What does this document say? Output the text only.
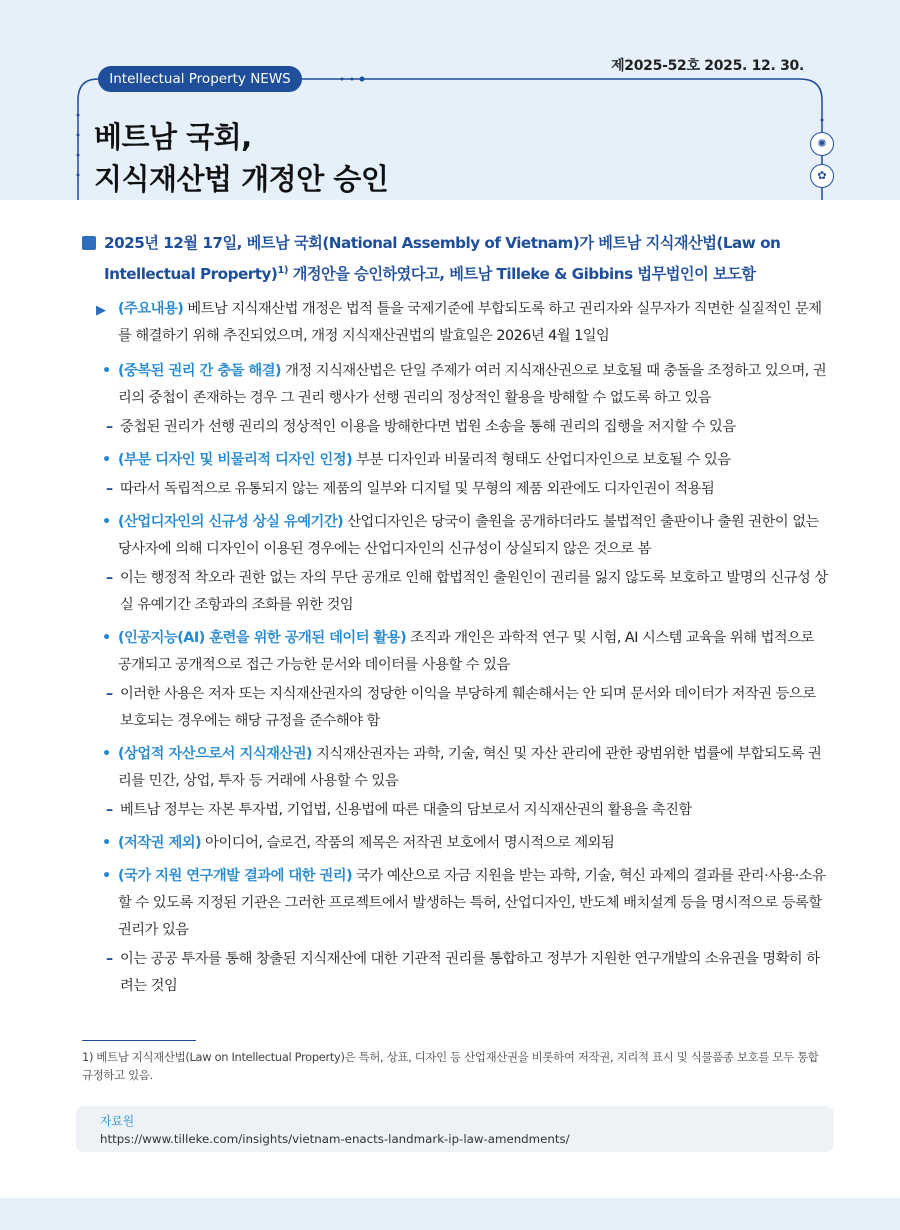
제2025-52호 2025. 12. 30.
Intellectual Property NEWS
베트남 국회,
지식재산법 개정안 승인
✺
✿

2025년 12월 17일, 베트남 국회(National Assembly of Vietnam)가 베트남 지식재산법(Law on Intellectual Property)$^{1)}$ 개정안을 승인하였다고, 베트남 Tilleke & Gibbins 법무법인이 보도함

▶ (주요내용) 베트남 지식재산법 개정은 법적 틀을 국제기준에 부합되도록 하고 권리자와 실무자가 직면한 실질적인 문제를 해결하기 위해 추진되었으며, 개정 지식재산권법의 발효일은 2026년 4월 1일임

• (중복된 권리 간 충돌 해결) 개정 지식재산법은 단일 주제가 여러 지식재산권으로 보호될 때 충돌을 조정하고 있으며, 권리의 중첩이 존재하는 경우 그 권리 행사가 선행 권리의 정상적인 활용을 방해할 수 없도록 하고 있음

– 중첩된 권리가 선행 권리의 정상적인 이용을 방해한다면 법원 소송을 통해 권리의 집행을 저지할 수 있음

• (부분 디자인 및 비물리적 디자인 인정) 부분 디자인과 비물리적 형태도 산업디자인으로 보호될 수 있음

– 따라서 독립적으로 유통되지 않는 제품의 일부와 디지털 및 무형의 제품 외관에도 디자인권이 적용됨

• (산업디자인의 신규성 상실 유예기간) 산업디자인은 당국이 출원을 공개하더라도 불법적인 출판이나 출원 권한이 없는 당사자에 의해 디자인이 이용된 경우에는 산업디자인의 신규성이 상실되지 않은 것으로 봄

– 이는 행정적 착오라 권한 없는 자의 무단 공개로 인해 합법적인 출원인이 권리를 잃지 않도록 보호하고 발명의 신규성 상실 유예기간 조항과의 조화를 위한 것임

• (인공지능(AI) 훈련을 위한 공개된 데이터 활용) 조직과 개인은 과학적 연구 및 시험, AI 시스템 교육을 위해 법적으로 공개되고 공개적으로 접근 가능한 문서와 데이터를 사용할 수 있음

– 이러한 사용은 저자 또는 지식재산권자의 정당한 이익을 부당하게 훼손해서는 안 되며 문서와 데이터가 저작권 등으로 보호되는 경우에는 해당 규정을 준수해야 함

• (상업적 자산으로서 지식재산권) 지식재산권자는 과학, 기술, 혁신 및 자산 관리에 관한 광범위한 법률에 부합되도록 권리를 민간, 상업, 투자 등 거래에 사용할 수 있음

– 베트남 정부는 자본 투자법, 기업법, 신용법에 따른 대출의 담보로서 지식재산권의 활용을 촉진함

• (저작권 제외) 아이디어, 슬로건, 작품의 제목은 저작권 보호에서 명시적으로 제외됨

• (국가 지원 연구개발 결과에 대한 권리) 국가 예산으로 자금 지원을 받는 과학, 기술, 혁신 과제의 결과를 관리·사용·소유할 수 있도록 지정된 기관은 그러한 프로젝트에서 발생하는 특허, 산업디자인, 반도체 배치설계 등을 명시적으로 등록할 권리가 있음

– 이는 공공 투자를 통해 창출된 지식재산에 대한 기관적 권리를 통합하고 정부가 지원한 연구개발의 소유권을 명확히 하려는 것임

1) 베트남 지식재산법(Law on Intellectual Property)은 특허, 상표, 디자인 등 산업재산권을 비롯하여 저작권, 지리적 표시 및 식물품종 보호를 모두 통합 규정하고 있음.
자료원
https://www.tilleke.com/insights/vietnam-enacts-landmark-ip-law-amendments/
